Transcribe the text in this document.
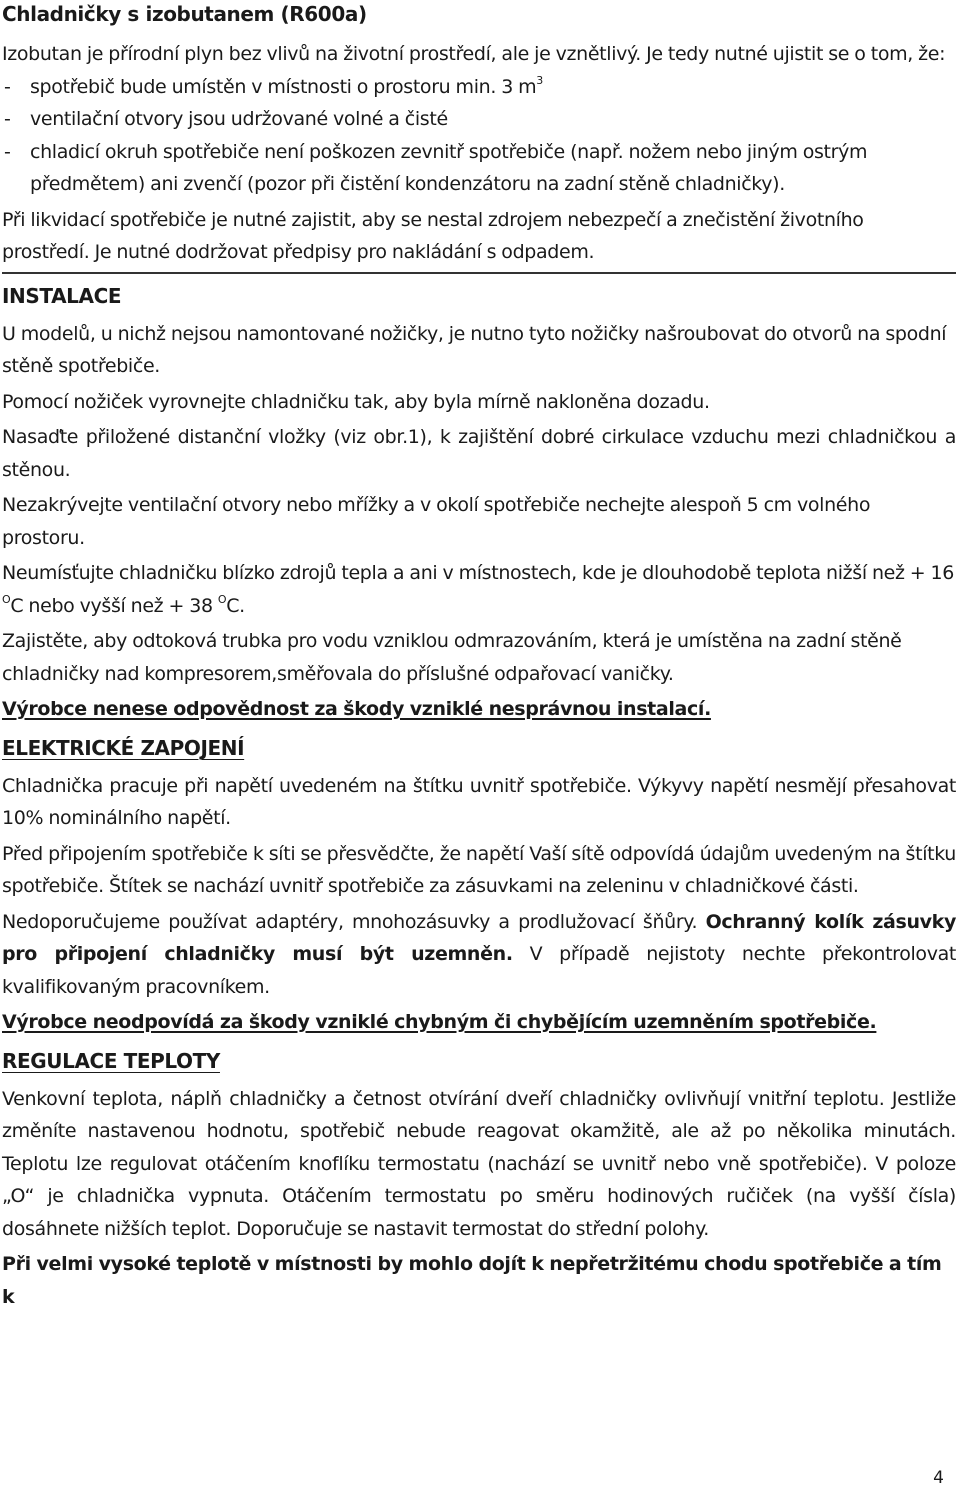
Chladničky s izobutanem (R600a)

Izobutan je přírodní plyn bez vlivů na životní prostředí, ale je vznětlivý. Je tedy nutné ujistit se o tom, že:

- spotřebič bude umístěn v místnosti o prostoru min. 3 $m^3$
- ventilační otvory jsou udržované volné a čisté
- chladicí okruh spotřebiče není poškozen zevnitř spotřebiče (např. nožem nebo jiným ostrým předmětem) ani zvenčí (pozor při čistění kondenzátoru na zadní stěně chladničky).

Při likvidací spotřebiče je nutné zajistit, aby se nestal zdrojem nebezpečí a znečistění životního prostředí. Je nutné dodržovat předpisy pro nakládání s odpadem.

INSTALACE

U modelů, u nichž nejsou namontované nožičky, je nutno tyto nožičky našroubovat do otvorů na spodní stěně spotřebiče.

Pomocí nožiček vyrovnejte chladničku tak, aby byla mírně nakloněna dozadu.

Nasaďte přiložené distanční vložky (viz obr.1), k zajištění dobré cirkulace vzduchu mezi chladničkou a stěnou.

Nezakrývejte ventilační otvory nebo mřížky a v okolí spotřebiče nechejte alespoň 5 cm volného prostoru.

Neumísťujte chladničku blízko zdrojů tepla a ani v místnostech, kde je dlouhodobě teplota nižší než + 16 $^O$C nebo vyšší než + 38 $^O$C.

Zajistěte, aby odtoková trubka pro vodu vzniklou odmrazováním, která je umístěna na zadní stěně chladničky nad kompresorem,směřovala do příslušné odpařovací vaničky.

Výrobce nenese odpovědnost za škody vzniklé nesprávnou instalací.

ELEKTRICKÉ ZAPOJENÍ

Chladnička pracuje při napětí uvedeném na štítku uvnitř spotřebiče. Výkyvy napětí nesmějí přesahovat 10% nominálního napětí.

Před připojením spotřebiče k síti se přesvědčte, že napětí Vaší sítě odpovídá údajům uvedeným na štítku spotřebiče. Štítek se nachází uvnitř spotřebiče za zásuvkami na zeleninu v chladničkové části.

Nedoporučujeme používat adaptéry, mnohozásuvky a prodlužovací šňůry. Ochranný kolík zásuvky pro připojení chladničky musí být uzemněn. V případě nejistoty nechte překontrolovat kvalifikovaným pracovníkem.

Výrobce neodpovídá za škody vzniklé chybným či chybějícím uzemněním spotřebiče.

REGULACE TEPLOTY

Venkovní teplota, náplň chladničky a četnost otvírání dveří chladničky ovlivňují vnitřní teplotu. Jestliže změníte nastavenou hodnotu, spotřebič nebude reagovat okamžitě, ale až po několika minutách. Teplotu lze regulovat otáčením knoflíku termostatu (nachází se uvnitř nebo vně spotřebiče). V poloze „O“ je chladnička vypnuta. Otáčením termostatu po směru hodinových ručiček (na vyšší čísla) dosáhnete nižších teplot. Doporučuje se nastavit termostat do střední polohy.

Při velmi vysoké teplotě v místnosti by mohlo dojít k nepřetržitému chodu spotřebiče a tím k

4
